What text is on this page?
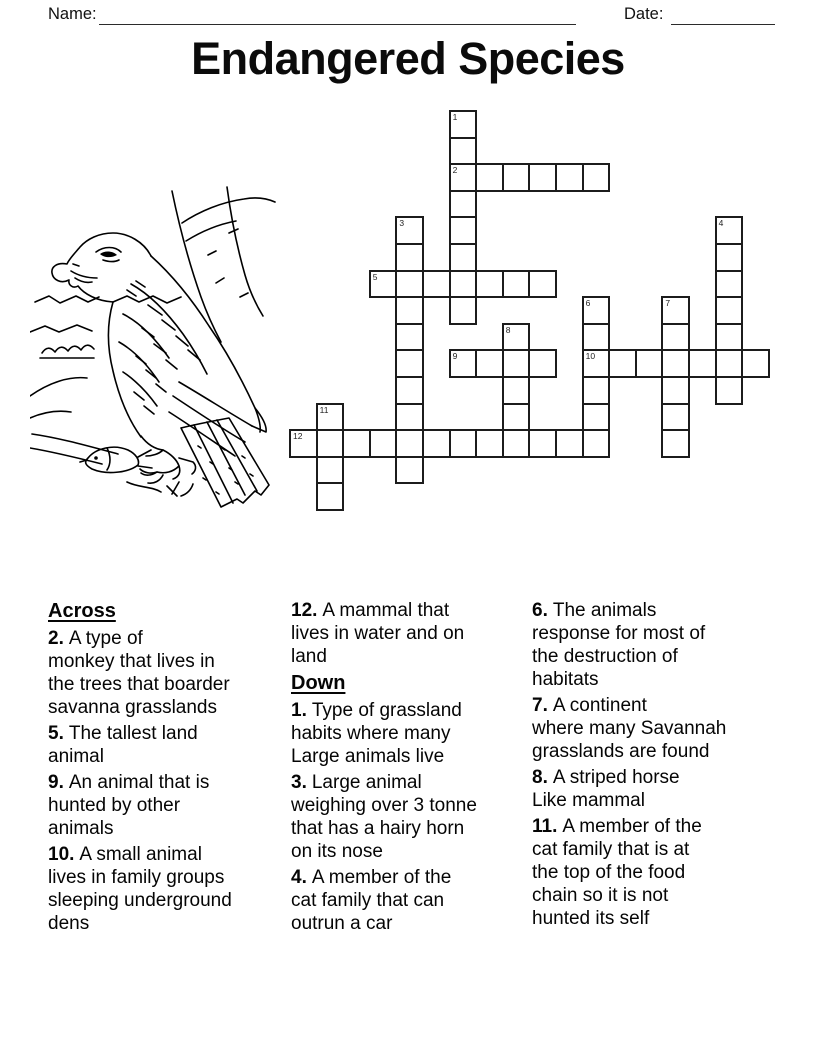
Name:	Date:
Endangered Species
1
2
3	4
5
6
10
7
8
9
11
12
Across

2. A type of
monkey that lives in
the trees that boarder
savanna grasslands

5. The tallest land
animal

9. An animal that is
hunted by other
animals

10. A small animal
lives in family groups
sleeping underground
dens

12. A mammal that
lives in water and on
land

Down

1. Type of grassland
habits where many
Large animals live

3. Large animal
weighing over 3 tonne
that has a hairy horn
on its nose

4. A member of the
cat family that can
outrun a car

6. The animals
response for most of
the destruction of
habitats

7. A continent
where many Savannah
grasslands are found

8. A striped horse
Like mammal

11. A member of the
cat family that is at
the top of the food
chain so it is not
hunted its self
